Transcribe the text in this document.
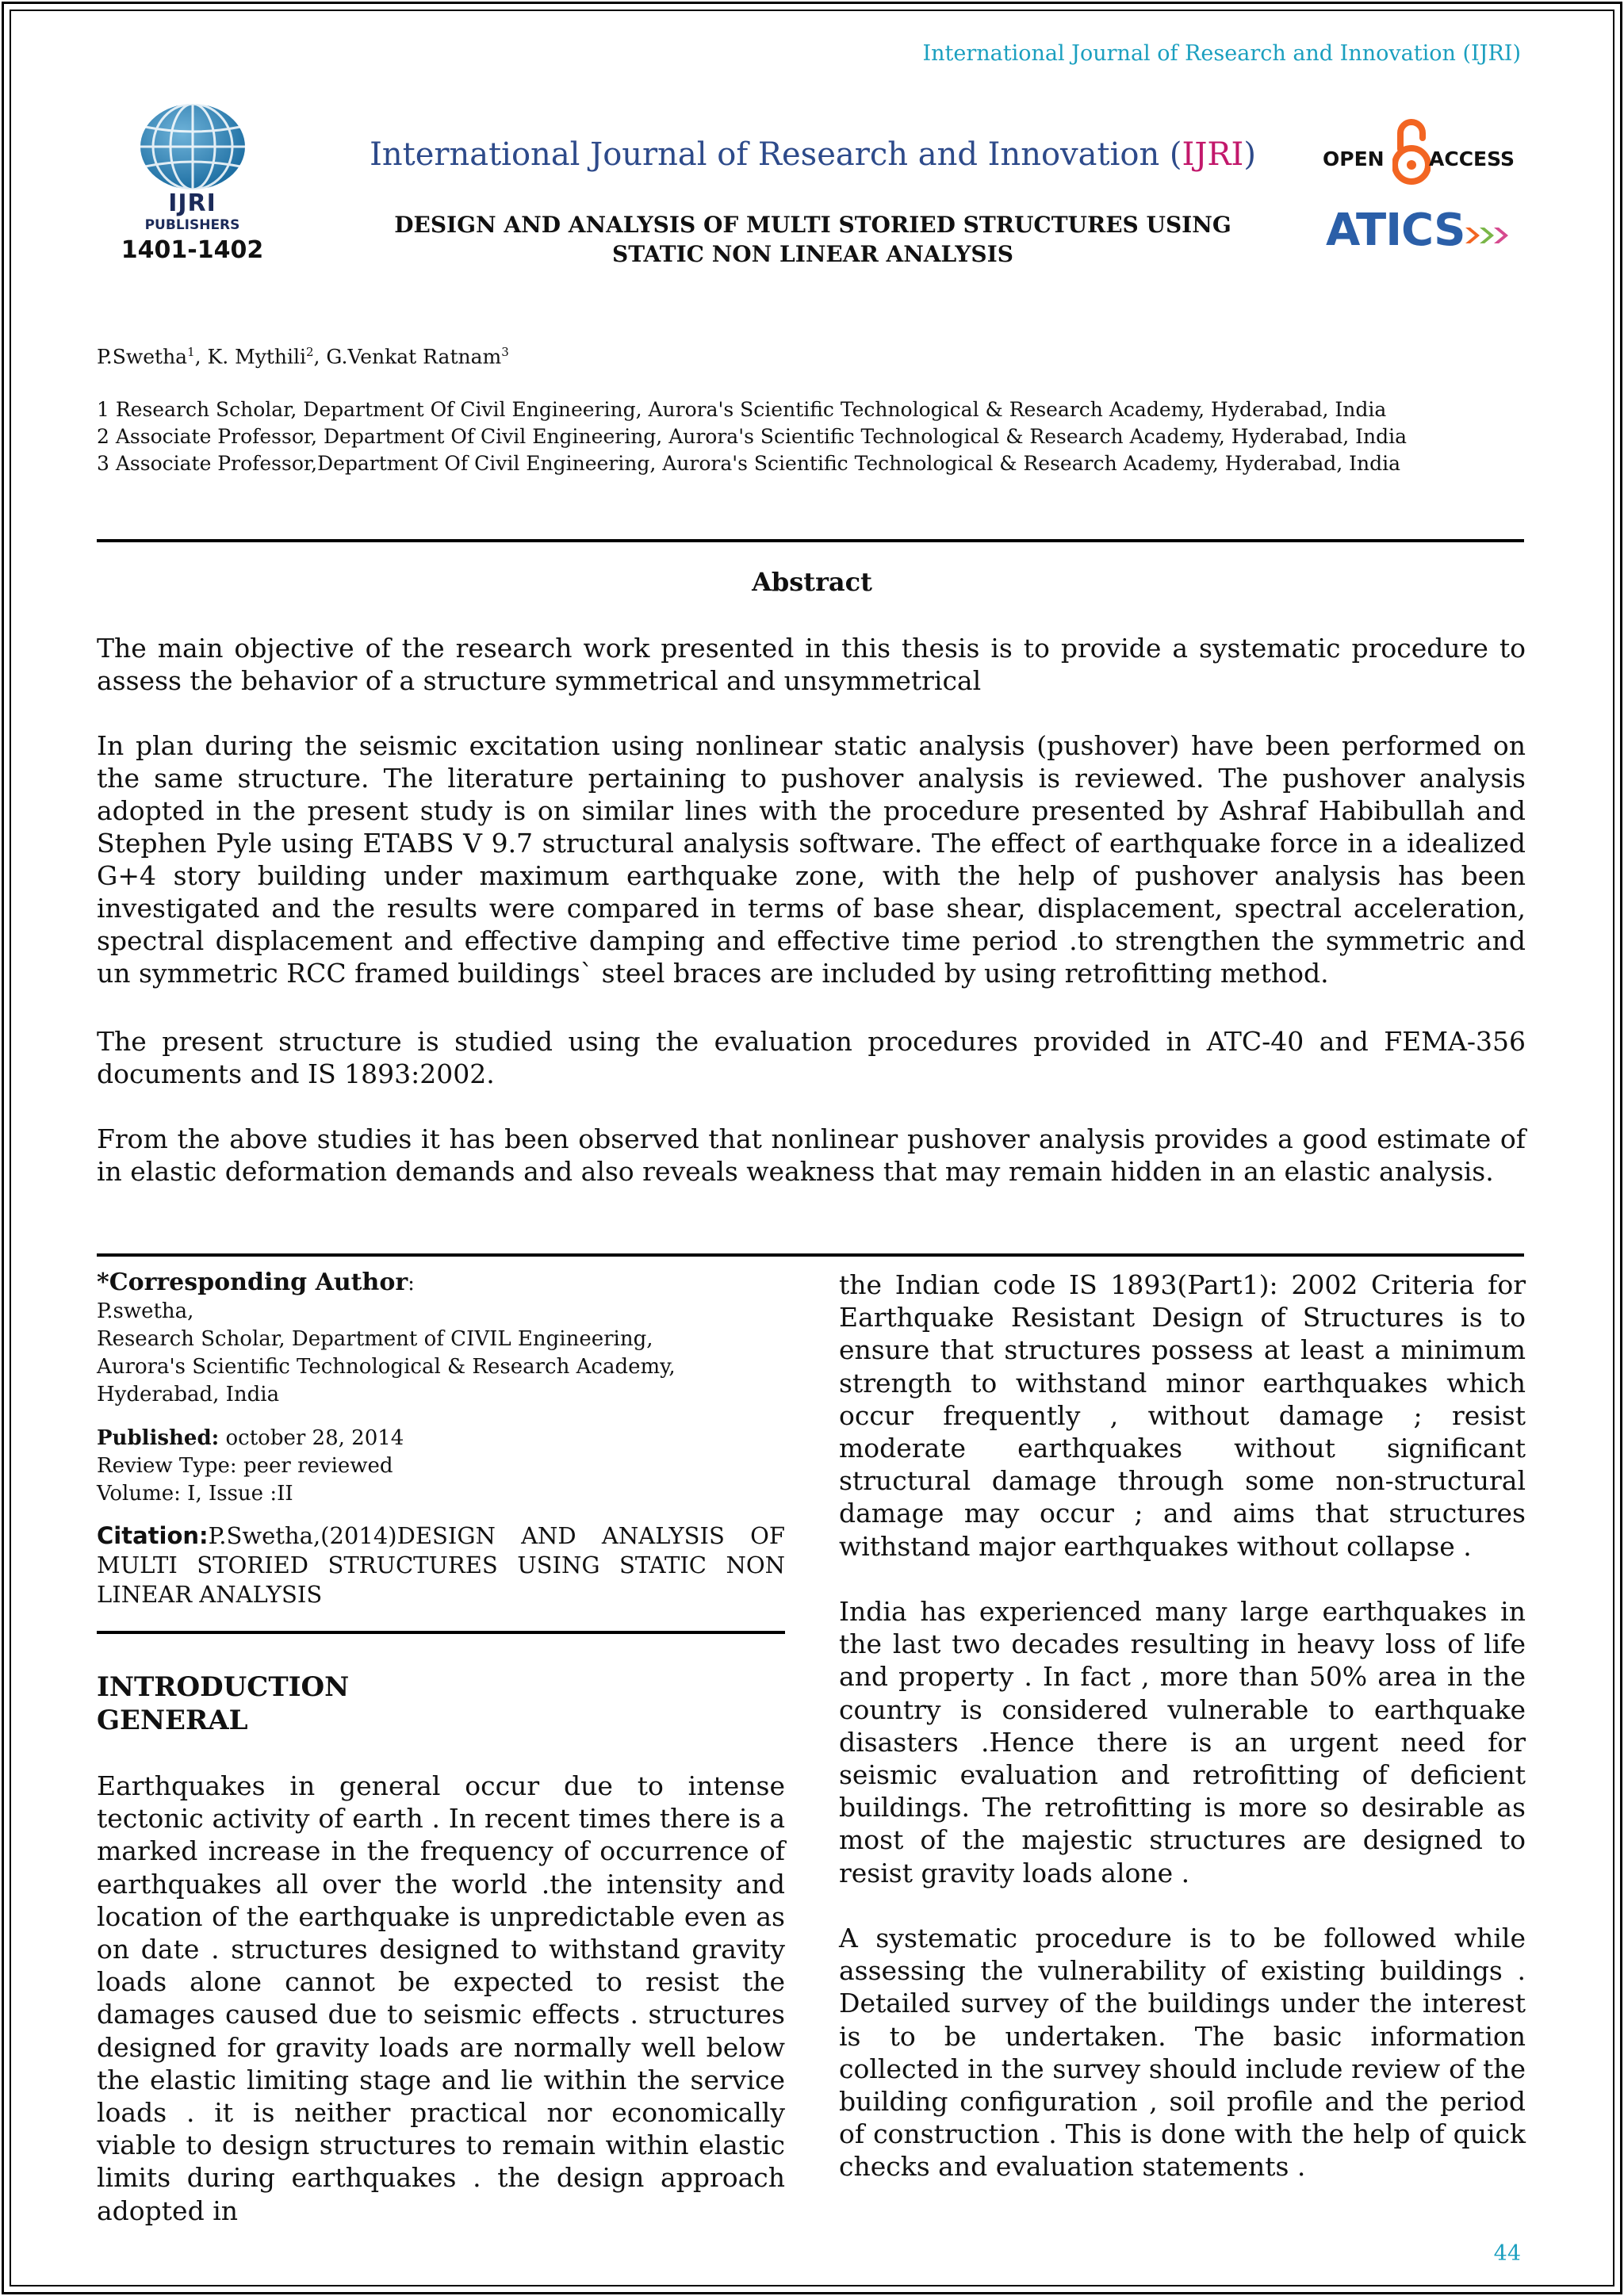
International Journal of Research and Innovation (IJRI)
IJRI
PUBLISHERS
1401-1402
International Journal of Research and Innovation (IJRI)
DESIGN AND ANALYSIS OF MULTI STORIED STRUCTURES USING
STATIC NON LINEAR ANALYSIS
OPEN ACCESS
ATICS
P.Swetha$^1$, K. Mythili$^2$, G.Venkat Ratnam$^3$
1 Research Scholar, Department Of Civil Engineering, Aurora's Scientific Technological & Research Academy, Hyderabad, India
2 Associate Professor, Department Of Civil Engineering, Aurora's Scientific Technological & Research Academy, Hyderabad, India
3 Associate Professor,Department Of Civil Engineering, Aurora's Scientific Technological & Research Academy, Hyderabad, India
Abstract
The main objective of the research work presented in this thesis is to provide a systematic procedure to assess the behavior of a structure symmetrical and unsymmetrical
In plan during the seismic excitation using nonlinear static analysis (pushover) have been performed on the same structure. The literature pertaining to pushover analysis is reviewed. The pushover analysis adopted in the present study is on similar lines with the procedure presented by Ashraf Habibullah and Stephen Pyle using ETABS V 9.7 structural analysis software. The effect of earthquake force in a idealized G+4 story building under maximum earthquake zone, with the help of pushover analysis has been investigated and the results were compared in terms of base shear, displacement, spectral acceleration, spectral displacement and effective damping and effective time period .to strengthen the symmetric and un symmetric RCC framed buildings` steel braces are included by using retrofitting method.
The present structure is studied using the evaluation procedures provided in ATC-40 and FEMA-356 documents and IS 1893:2002.
From the above studies it has been observed that nonlinear pushover analysis provides a good estimate of in elastic deformation demands and also reveals weakness that may remain hidden in an elastic analysis.
*Corresponding Author:
P.swetha,
Research Scholar, Department of CIVIL Engineering,
Aurora's Scientific Technological & Research Academy,
Hyderabad, India
Published: october 28, 2014
Review Type: peer reviewed
Volume: I, Issue :II
Citation:P.Swetha,(2014)DESIGN AND ANALYSIS OF MULTI STORIED STRUCTURES USING STATIC NON LINEAR ANALYSIS
INTRODUCTION
GENERAL
Earthquakes in general occur due to intense tectonic activity of earth . In recent times there is a marked increase in the frequency of occurrence of earthquakes all over the world .the intensity and location of the earthquake is unpredictable even as on date . structures designed to withstand gravity loads alone cannot be expected to resist the damages caused due to seismic effects . structures designed for gravity loads are normally well below the elastic limiting stage and lie within the service loads . it is neither practical nor economically viable to design structures to remain within elastic limits during earthquakes . the design approach adopted in
the Indian code IS 1893(Part1): 2002 Criteria for Earthquake Resistant Design of Structures is to ensure that structures possess at least a minimum strength to withstand minor earthquakes which occur frequently , without damage ; resist moderate earthquakes without significant structural damage through some non-structural damage may occur ; and aims that structures withstand major earthquakes without collapse .
India has experienced many large earthquakes in the last two decades resulting in heavy loss of life and property . In fact , more than 50% area in the country is considered vulnerable to earthquake disasters .Hence there is an urgent need for seismic evaluation and retrofitting of deficient buildings. The retrofitting is more so desirable as most of the majestic structures are designed to resist gravity loads alone .
A systematic procedure is to be followed while assessing the vulnerability of existing buildings . Detailed survey of the buildings under the interest is to be undertaken. The basic information collected in the survey should include review of the building configuration , soil profile and the period of construction . This is done with the help of quick checks and evaluation statements .
44
